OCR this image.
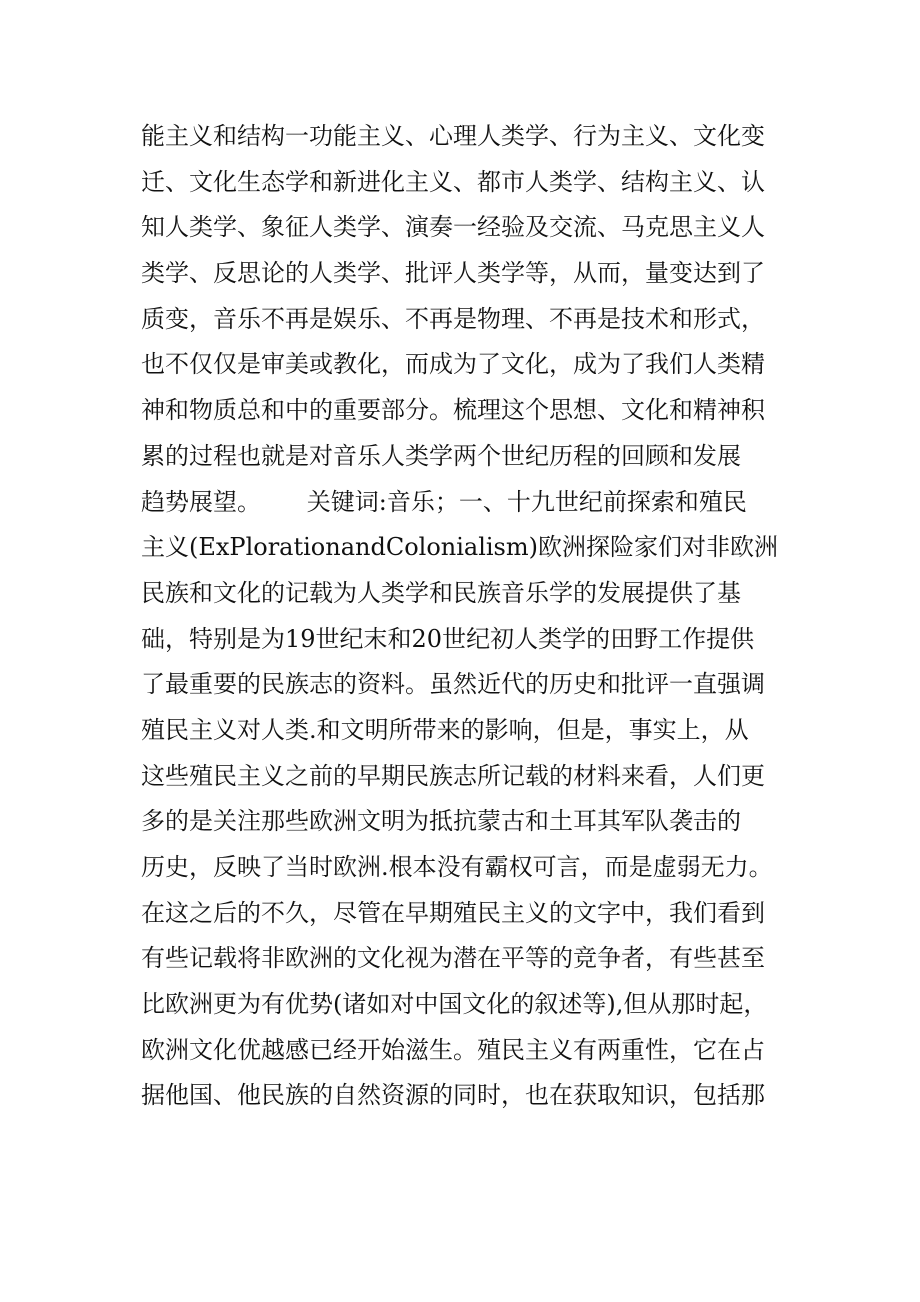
能主义和结构一功能主义、心理人类学、行为主义、文化变
迁、文化生态学和新进化主义、都市人类学、结构主义、认
知人类学、象征人类学、演奏一经验及交流、马克思主义人
类学、反思论的人类学、批评人类学等，从而，量变达到了
质变，音乐不再是娱乐、不再是物理、不再是技术和形式，
也不仅仅是审美或教化，而成为了文化，成为了我们人类精
神和物质总和中的重要部分。梳理这个思想、文化和精神积
累的过程也就是对音乐人类学两个世纪历程的回顾和发展
趋势展望。      关键词:音乐；一、十九世纪前探索和殖民
主义(ExPlorationandColonialism)欧洲探险家们对非欧洲
民族和文化的记载为人类学和民族音乐学的发展提供了基
础，特别是为19世纪末和20世纪初人类学的田野工作提供
了最重要的民族志的资料。虽然近代的历史和批评一直强调
殖民主义对人类.和文明所带来的影响，但是，事实上，从
这些殖民主义之前的早期民族志所记载的材料来看，人们更
多的是关注那些欧洲文明为抵抗蒙古和土耳其军队袭击的
历史，反映了当时欧洲.根本没有霸权可言，而是虚弱无力。
在这之后的不久，尽管在早期殖民主义的文字中，我们看到
有些记载将非欧洲的文化视为潜在平等的竞争者，有些甚至
比欧洲更为有优势(诸如对中国文化的叙述等),但从那时起，
欧洲文化优越感已经开始滋生。殖民主义有两重性，它在占
据他国、他民族的自然资源的同时，也在获取知识，包括那
